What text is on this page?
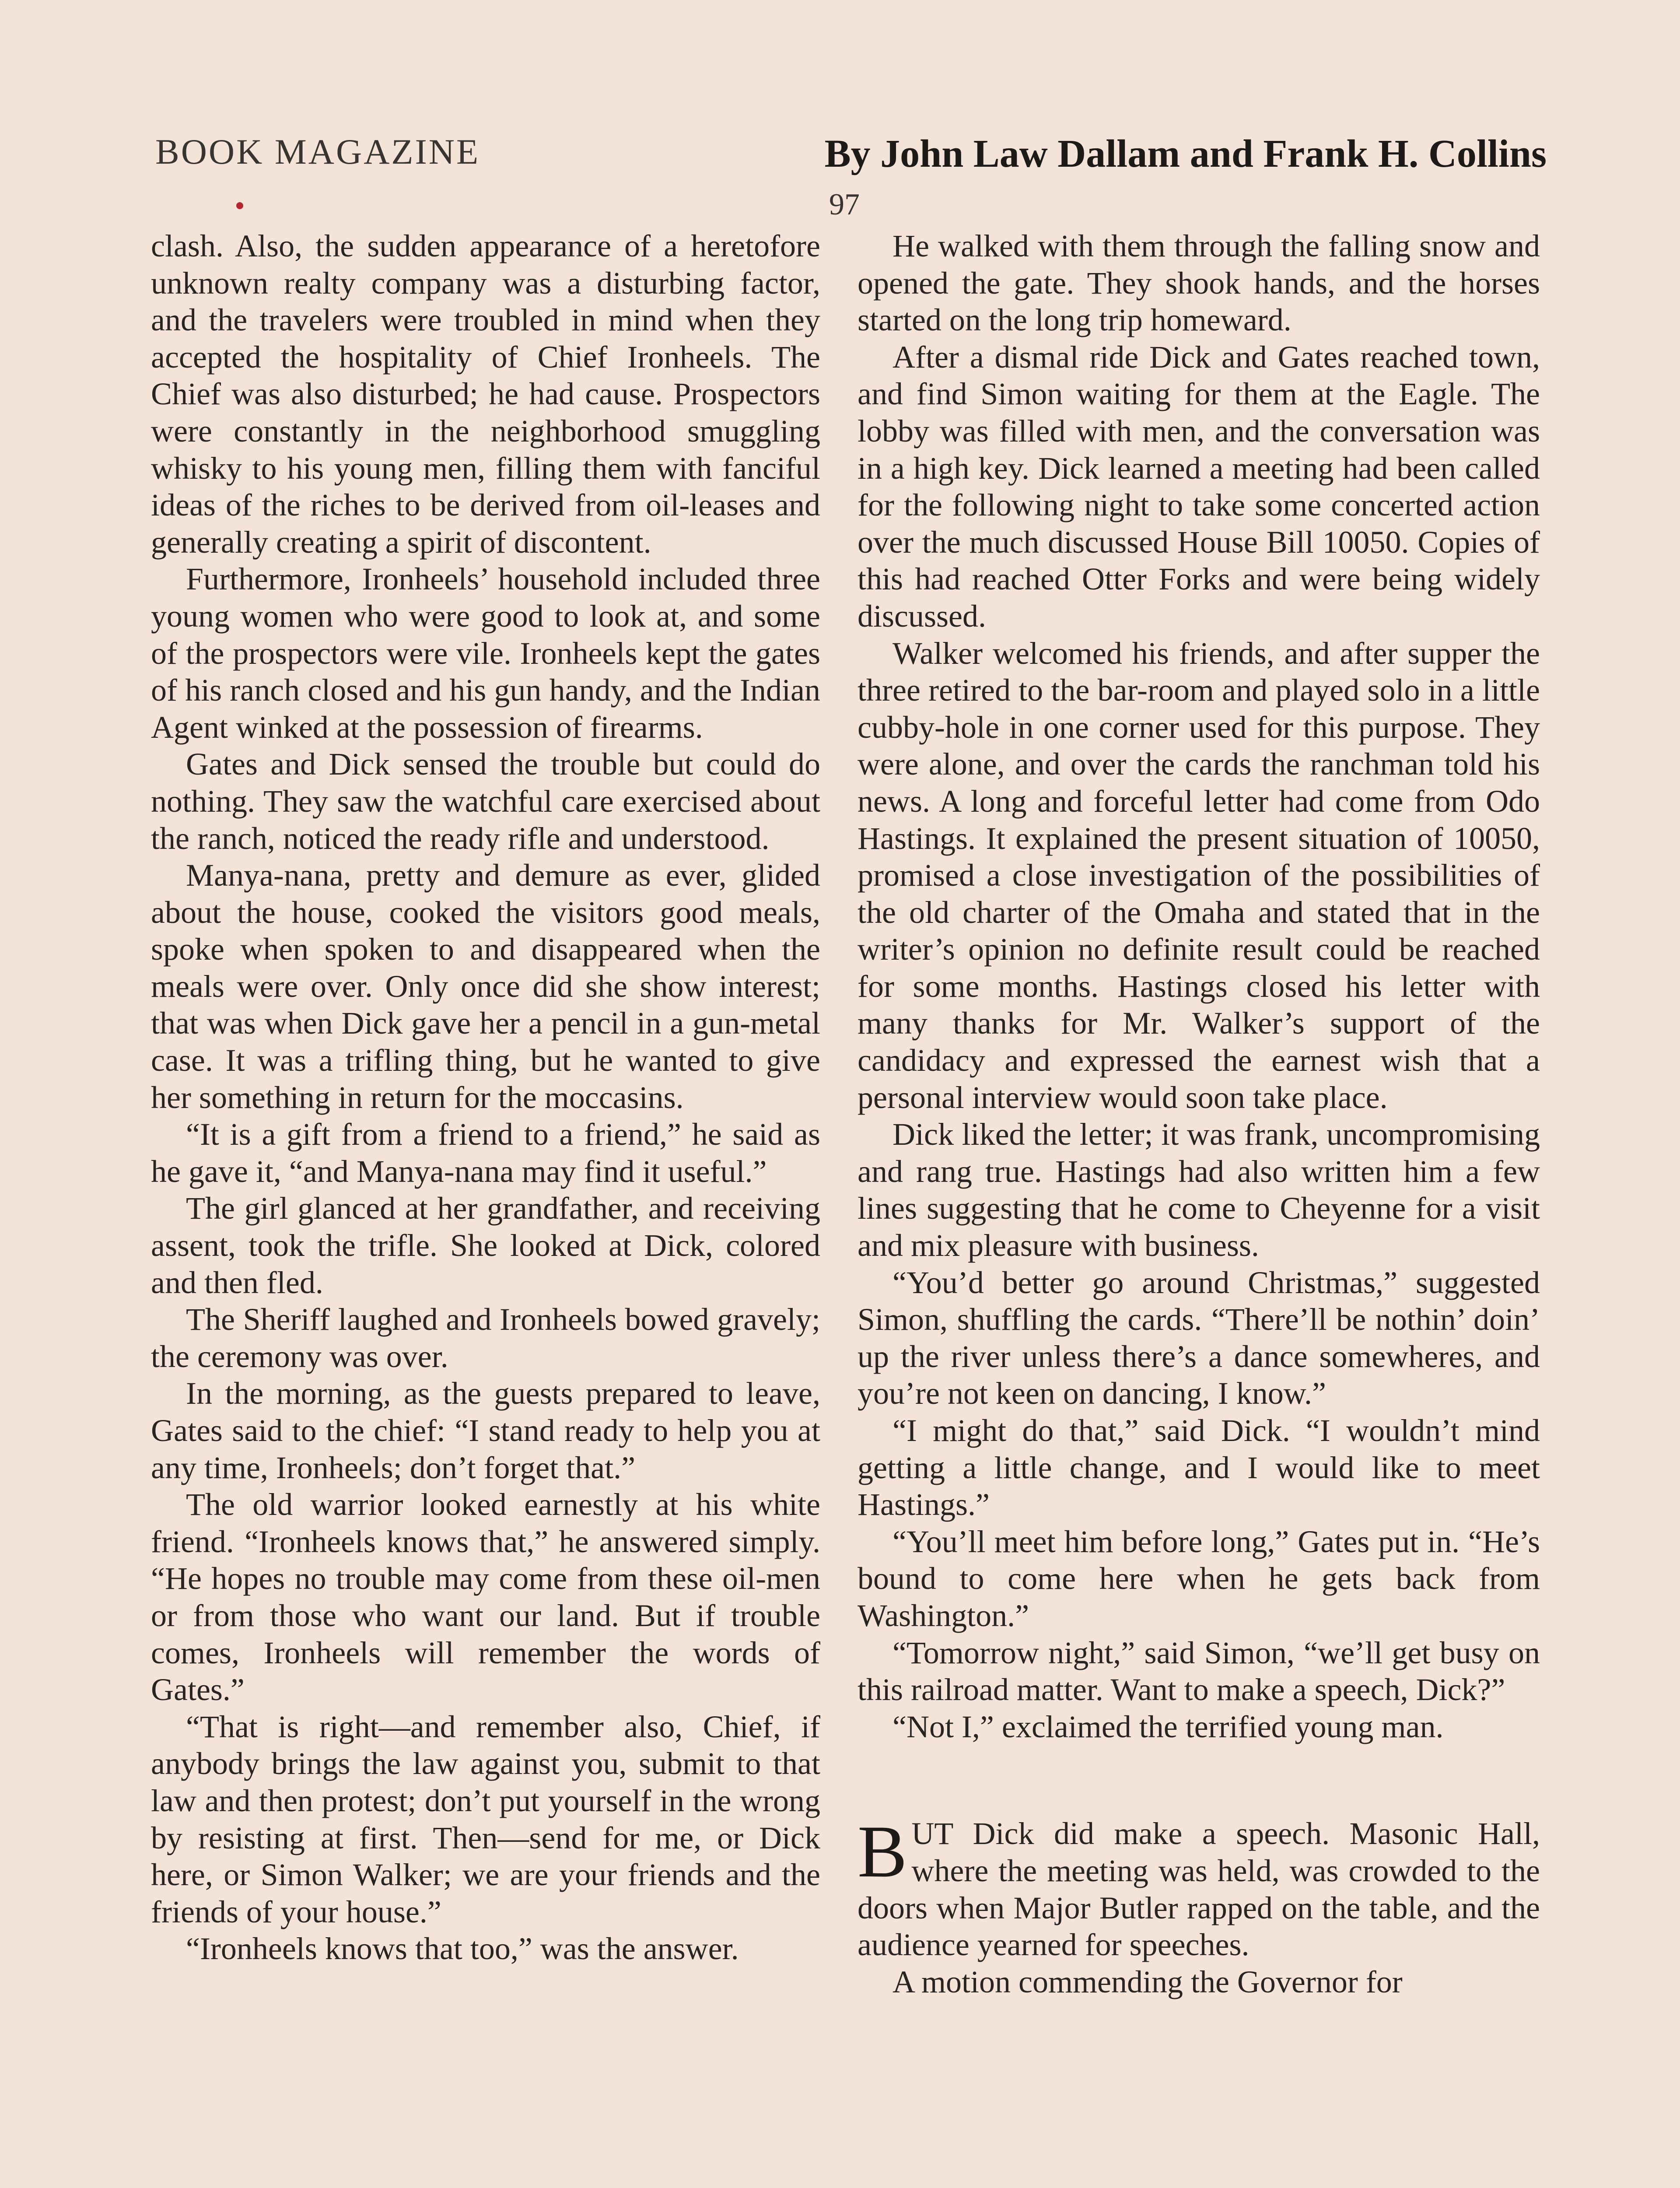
BOOK MAGAZINE	By John Law Dallam and Frank H. Collins
97

clash. Also, the sudden appearance of a heretofore unknown realty company was a disturbing factor, and the travelers were troubled in mind when they accepted the hospitality of Chief Ironheels. The Chief was also disturbed; he had cause. Prospectors were constantly in the neighborhood smuggling whisky to his young men, filling them with fanciful ideas of the riches to be derived from oil-leases and generally creating a spirit of discontent.

Furthermore, Ironheels’ household included three young women who were good to look at, and some of the prospectors were vile. Ironheels kept the gates of his ranch closed and his gun handy, and the Indian Agent winked at the possession of firearms.

Gates and Dick sensed the trouble but could do nothing. They saw the watchful care exercised about the ranch, noticed the ready rifle and understood.

Manya-nana, pretty and demure as ever, glided about the house, cooked the visitors good meals, spoke when spoken to and disappeared when the meals were over. Only once did she show interest; that was when Dick gave her a pencil in a gun-metal case. It was a trifling thing, but he wanted to give her something in return for the moccasins.

“It is a gift from a friend to a friend,” he said as he gave it, “and Manya-nana may find it useful.”

The girl glanced at her grandfather, and receiving assent, took the trifle. She looked at Dick, colored and then fled.

The Sheriff laughed and Ironheels bowed gravely; the ceremony was over.

In the morning, as the guests prepared to leave, Gates said to the chief: “I stand ready to help you at any time, Ironheels; don’t forget that.”

The old warrior looked earnestly at his white friend. “Ironheels knows that,” he answered simply. “He hopes no trouble may come from these oil-men or from those who want our land. But if trouble comes, Ironheels will remember the words of Gates.”

“That is right—and remember also, Chief, if anybody brings the law against you, submit to that law and then protest; don’t put yourself in the wrong by resisting at first. Then—send for me, or Dick here, or Simon Walker; we are your friends and the friends of your house.”

“Ironheels knows that too,” was the answer.

He walked with them through the falling snow and opened the gate. They shook hands, and the horses started on the long trip homeward.

After a dismal ride Dick and Gates reached town, and find Simon waiting for them at the Eagle. The lobby was filled with men, and the conversation was in a high key. Dick learned a meeting had been called for the following night to take some concerted action over the much discussed House Bill 10050. Copies of this had reached Otter Forks and were being widely discussed.

Walker welcomed his friends, and after supper the three retired to the bar-room and played solo in a little cubby-hole in one corner used for this purpose. They were alone, and over the cards the ranchman told his news. A long and forceful letter had come from Odo Hastings. It explained the present situation of 10050, promised a close investigation of the possibilities of the old charter of the Omaha and stated that in the writer’s opinion no definite result could be reached for some months. Hastings closed his letter with many thanks for Mr. Walker’s support of the candidacy and expressed the earnest wish that a personal interview would soon take place.

Dick liked the letter; it was frank, uncompromising and rang true. Hastings had also written him a few lines suggesting that he come to Cheyenne for a visit and mix pleasure with business.

“You’d better go around Christmas,” suggested Simon, shuffling the cards. “There’ll be nothin’ doin’ up the river unless there’s a dance somewheres, and you’re not keen on dancing, I know.”

“I might do that,” said Dick. “I wouldn’t mind getting a little change, and I would like to meet Hastings.”

“You’ll meet him before long,” Gates put in. “He’s bound to come here when he gets back from Washington.”

“Tomorrow night,” said Simon, “we’ll get busy on this railroad matter. Want to make a speech, Dick?”

“Not I,” exclaimed the terrified young man.

BUT Dick did make a speech. Masonic Hall, where the meeting was held, was crowded to the doors when Major Butler rapped on the table, and the audience yearned for speeches.

A motion commending the Governor for
